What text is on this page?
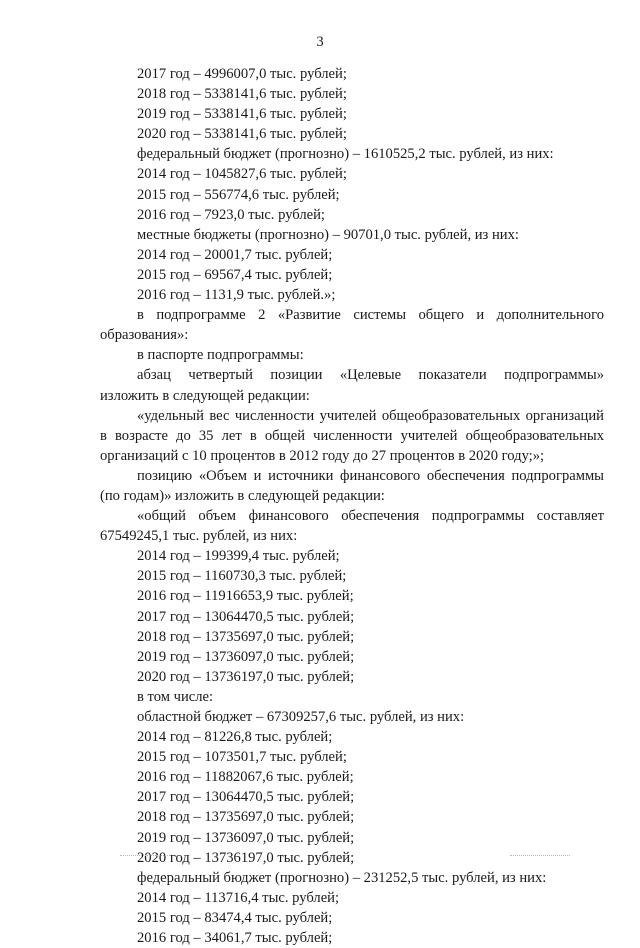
3
2017 год – 4996007,0 тыс. рублей;
2018 год – 5338141,6 тыс. рублей;
2019 год – 5338141,6 тыс. рублей;
2020 год – 5338141,6 тыс. рублей;
федеральный бюджет (прогнозно) – 1610525,2 тыс. рублей, из них:
2014 год – 1045827,6 тыс. рублей;
2015 год – 556774,6 тыс. рублей;
2016 год – 7923,0 тыс. рублей;
местные бюджеты (прогнозно) – 90701,0 тыс. рублей, из них:
2014 год – 20001,7 тыс. рублей;
2015 год – 69567,4 тыс. рублей;
2016 год – 1131,9 тыс. рублей.»;
в подпрограмме 2 «Развитие системы общего и дополнительного
образования»:
в паспорте подпрограммы:
абзац четвертый позиции «Целевые показатели подпрограммы»
изложить в следующей редакции:
«удельный вес численности учителей общеобразовательных организаций
в возрасте до 35 лет в общей численности учителей общеобразовательных
организаций с 10 процентов в 2012 году до 27 процентов в 2020 году;»;
позицию «Объем и источники финансового обеспечения подпрограммы
(по годам)» изложить в следующей редакции:
«общий объем финансового обеспечения подпрограммы составляет
67549245,1 тыс. рублей, из них:
2014 год – 199399,4 тыс. рублей;
2015 год – 1160730,3 тыс. рублей;
2016 год – 11916653,9 тыс. рублей;
2017 год – 13064470,5 тыс. рублей;
2018 год – 13735697,0 тыс. рублей;
2019 год – 13736097,0 тыс. рублей;
2020 год – 13736197,0 тыс. рублей;
в том числе:
областной бюджет – 67309257,6 тыс. рублей, из них:
2014 год – 81226,8 тыс. рублей;
2015 год – 1073501,7 тыс. рублей;
2016 год – 11882067,6 тыс. рублей;
2017 год – 13064470,5 тыс. рублей;
2018 год – 13735697,0 тыс. рублей;
2019 год – 13736097,0 тыс. рублей;
2020 год – 13736197,0 тыс. рублей;
федеральный бюджет (прогнозно) – 231252,5 тыс. рублей, из них:
2014 год – 113716,4 тыс. рублей;
2015 год – 83474,4 тыс. рублей;
2016 год – 34061,7 тыс. рублей;
